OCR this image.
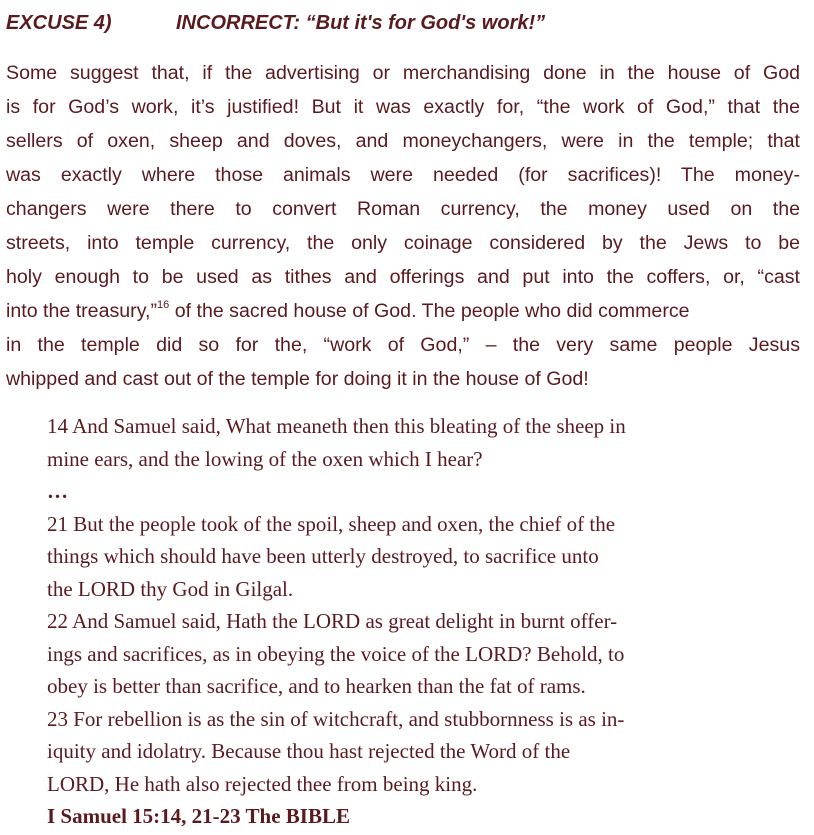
EXCUSE 4)	INCORRECT: “But it's for God's work!”
Some suggest that, if the advertising or merchandising done in the house of God
is for God’s work, it’s justified! But it was exactly for, “the work of God,” that the
sellers of oxen, sheep and doves, and moneychangers, were in the temple; that
was exactly where those animals were needed (for sacrifices)! The money-
changers were there to convert Roman currency, the money used on the
streets, into temple currency, the only coinage considered by the Jews to be
holy enough to be used as tithes and offerings and put into the coffers, or, “cast
into the treasury,”$^{16}$ of the sacred house of God. The people who did commerce
in the temple did so for the, “work of God,” – the very same people Jesus
whipped and cast out of the temple for doing it in the house of God!
14 And Samuel said, What meaneth then this bleating of the sheep in
mine ears, and the lowing of the oxen which I hear?
…
21 But the people took of the spoil, sheep and oxen, the chief of the
things which should have been utterly destroyed, to sacrifice unto
the LORD thy God in Gilgal.
22 And Samuel said, Hath the LORD as great delight in burnt offer-
ings and sacrifices, as in obeying the voice of the LORD? Behold, to
obey is better than sacrifice, and to hearken than the fat of rams.
23 For rebellion is as the sin of witchcraft, and stubbornness is as in-
iquity and idolatry. Because thou hast rejected the Word of the
LORD, He hath also rejected thee from being king.
I Samuel 15:14, 21-23 The BIBLE
